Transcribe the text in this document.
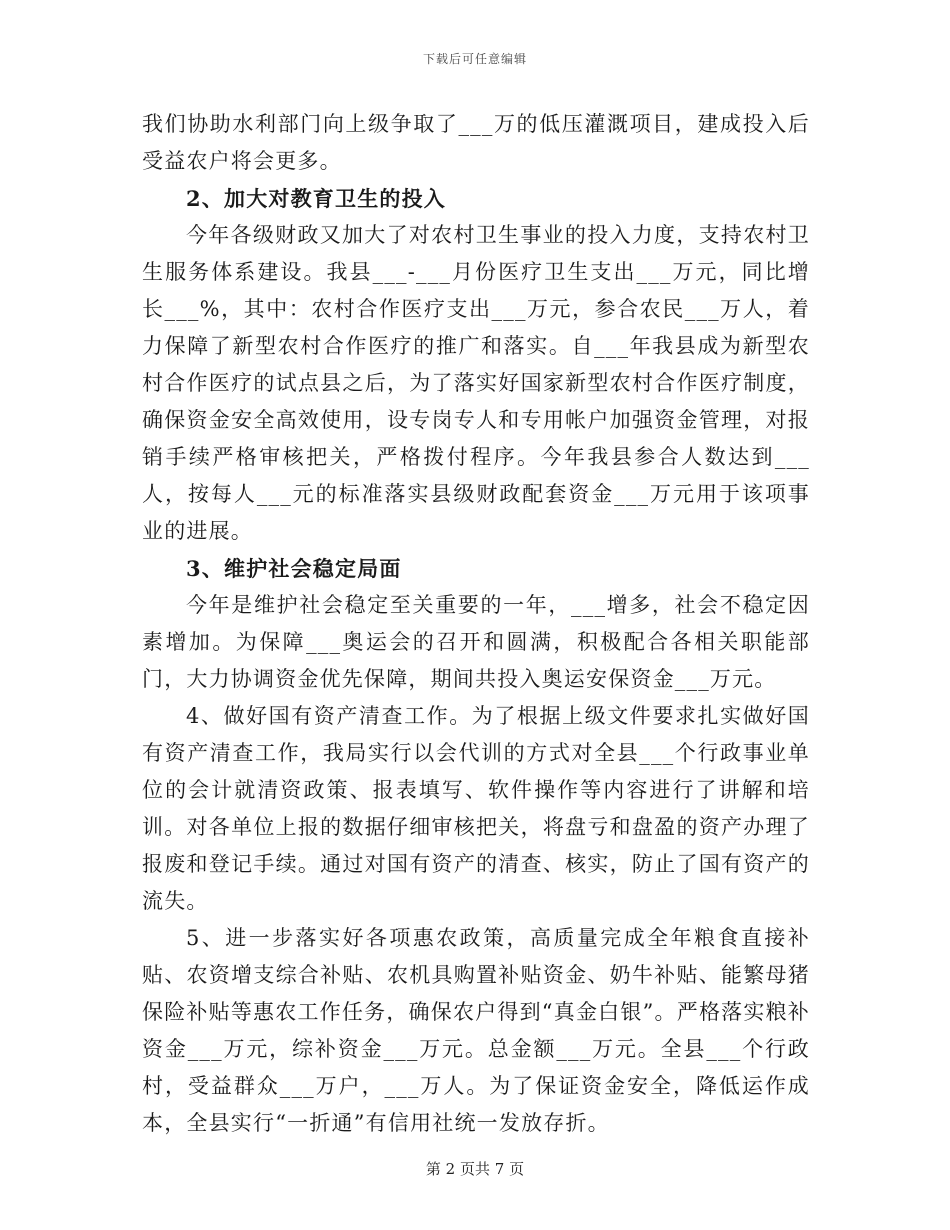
下载后可任意编辑

我们协助水利部门向上级争取了___万的低压灌溉项目，建成投入后受益农户将会更多。

2、加大对教育卫生的投入

今年各级财政又加大了对农村卫生事业的投入力度，支持农村卫生服务体系建设。我县___-___月份医疗卫生支出___万元，同比增长___%，其中：农村合作医疗支出___万元，参合农民___万人，着力保障了新型农村合作医疗的推广和落实。自___年我县成为新型农村合作医疗的试点县之后，为了落实好国家新型农村合作医疗制度，确保资金安全高效使用，设专岗专人和专用帐户加强资金管理，对报销手续严格审核把关，严格拨付程序。今年我县参合人数达到___人，按每人___元的标准落实县级财政配套资金___万元用于该项事业的进展。

3、维护社会稳定局面

今年是维护社会稳定至关重要的一年，___增多，社会不稳定因素增加。为保障___奥运会的召开和圆满，积极配合各相关职能部门，大力协调资金优先保障，期间共投入奥运安保资金___万元。

4、做好国有资产清查工作。为了根据上级文件要求扎实做好国有资产清查工作，我局实行以会代训的方式对全县___个行政事业单位的会计就清资政策、报表填写、软件操作等内容进行了讲解和培训。对各单位上报的数据仔细审核把关，将盘亏和盘盈的资产办理了报废和登记手续。通过对国有资产的清查、核实，防止了国有资产的流失。

5、进一步落实好各项惠农政策，高质量完成全年粮食直接补贴、农资增支综合补贴、农机具购置补贴资金、奶牛补贴、能繁母猪保险补贴等惠农工作任务，确保农户得到“真金白银”。严格落实粮补资金___万元，综补资金___万元。总金额___万元。全县___个行政村，受益群众___万户，___万人。为了保证资金安全，降低运作成本，全县实行“一折通”有信用社统一发放存折。

第 2 页共 7 页
